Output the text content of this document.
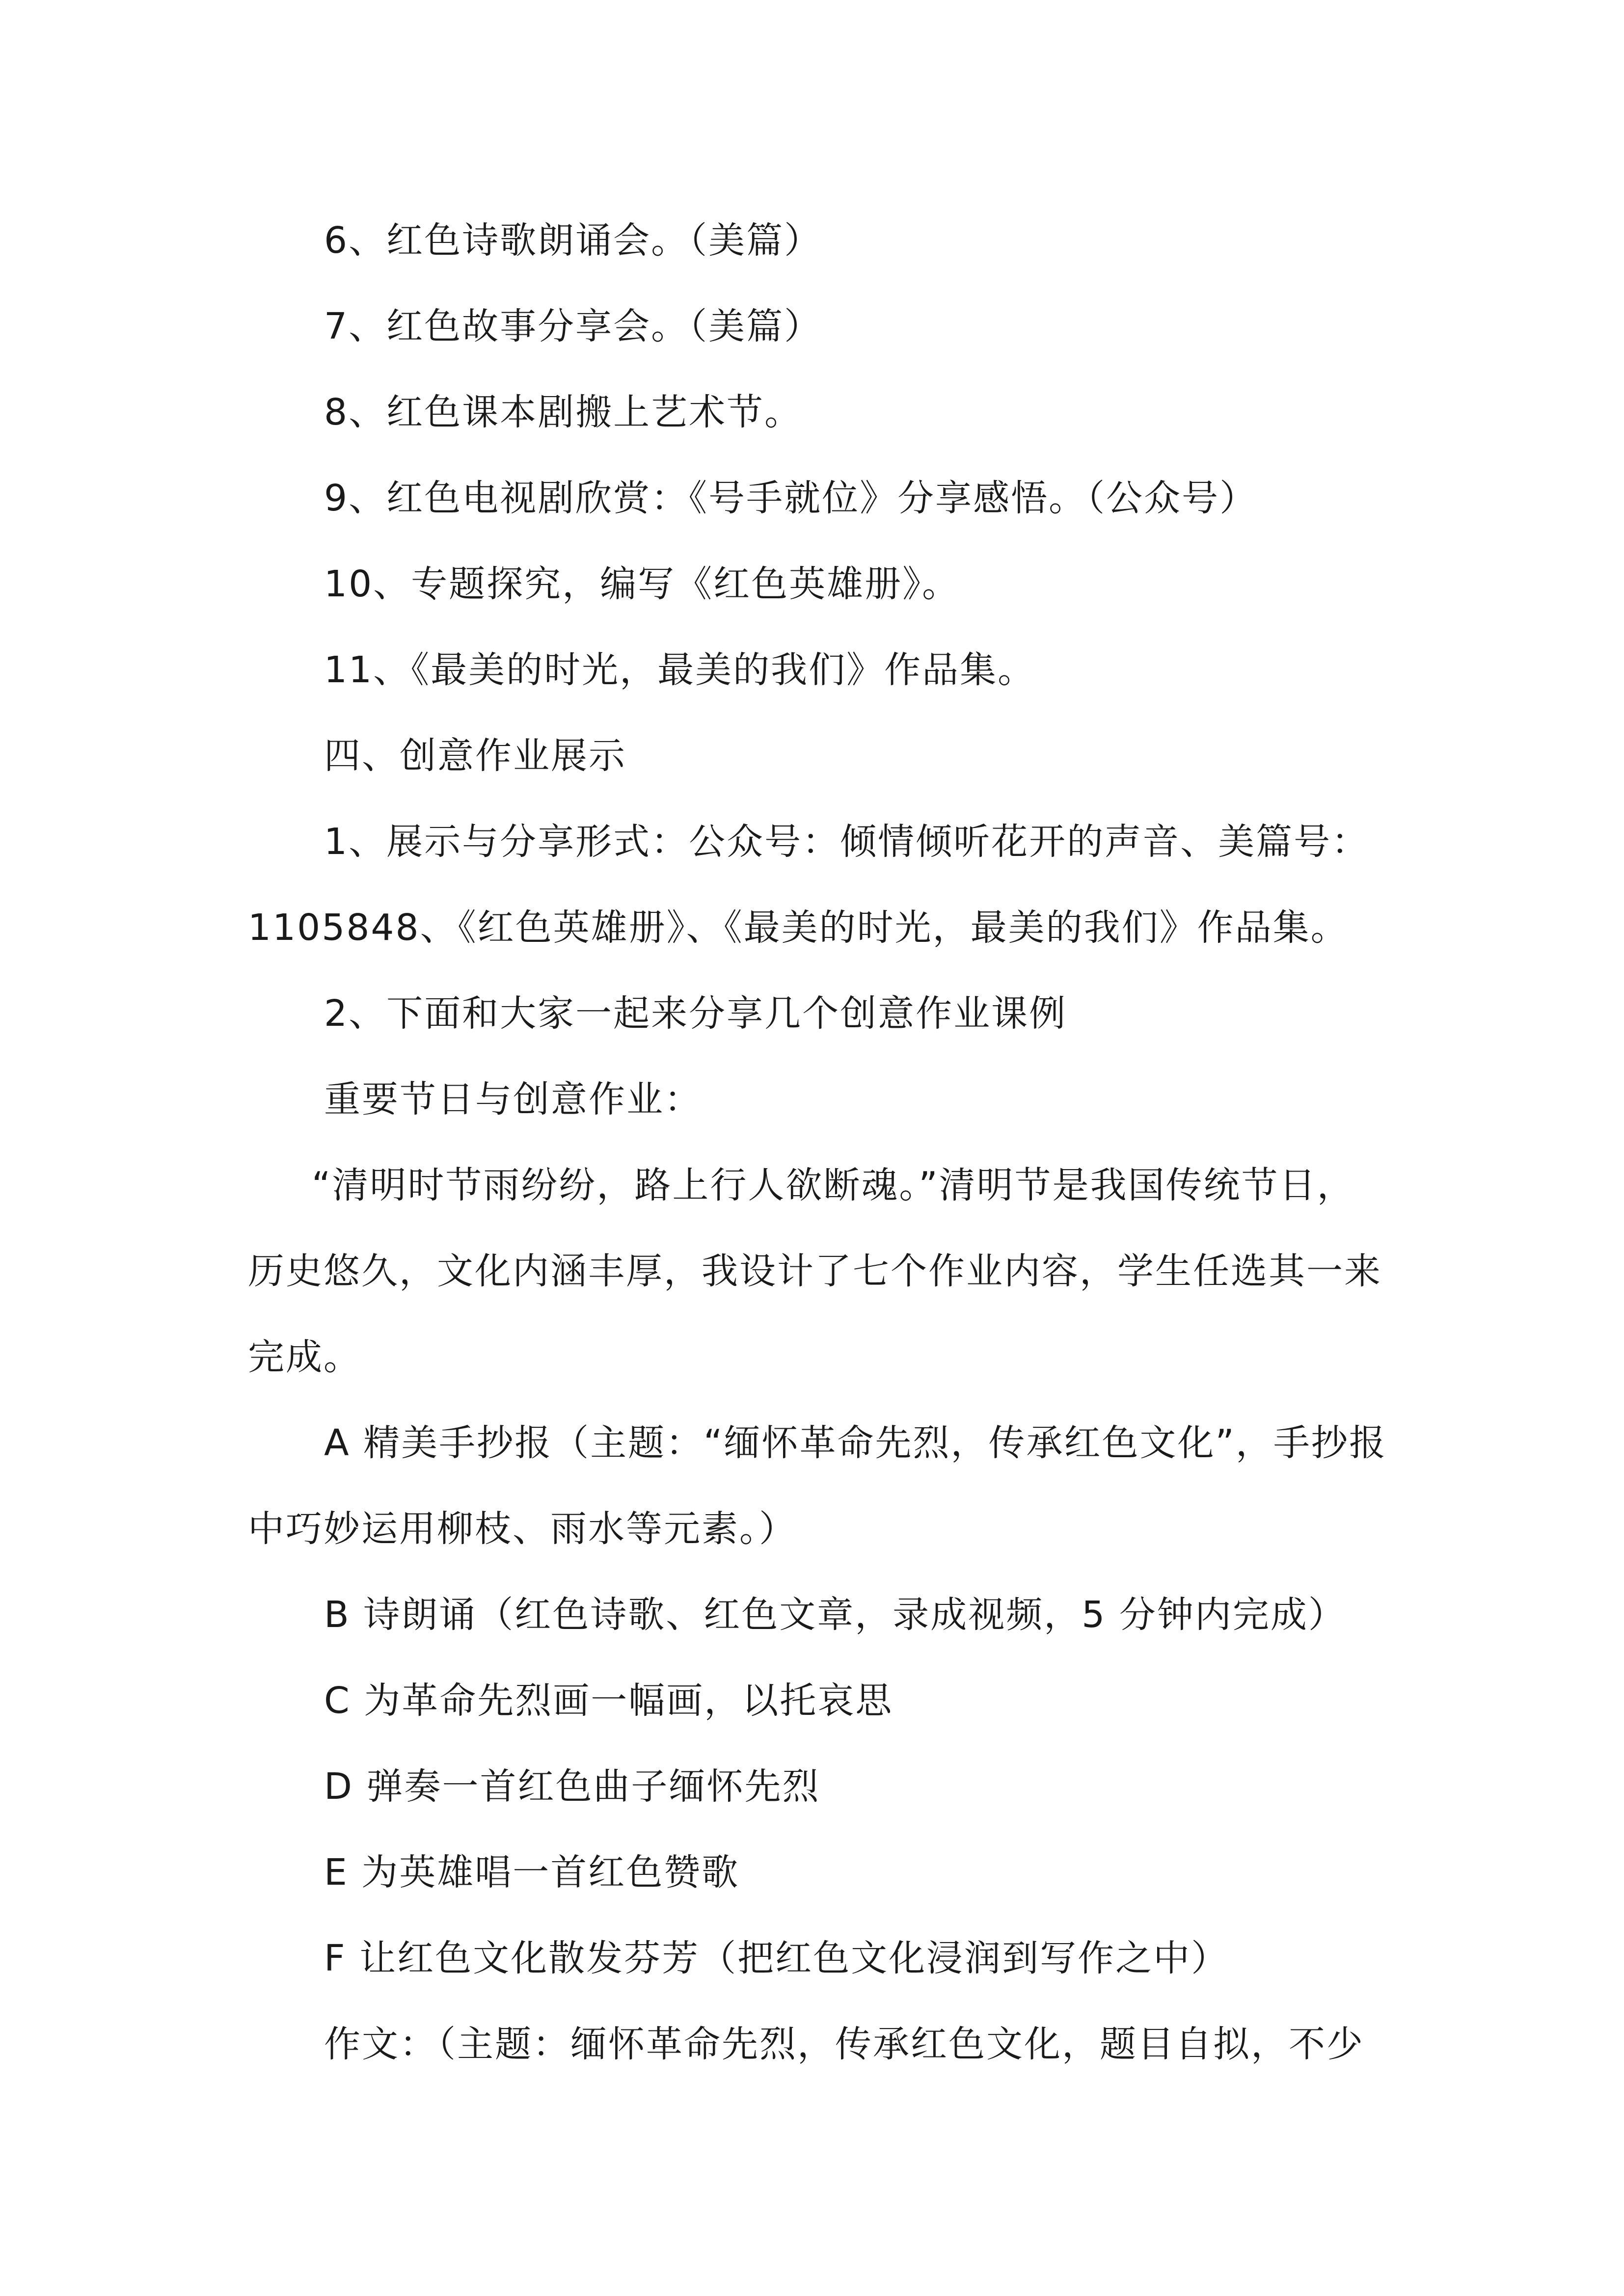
6、红色诗歌朗诵会。（美篇）
7、红色故事分享会。（美篇）
8、红色课本剧搬上艺术节。
9、红色电视剧欣赏：《号手就位》分享感悟。（公众号）
10、专题探究，编写《红色英雄册》。
11、《最美的时光，最美的我们》作品集。
四、创意作业展示
1、展示与分享形式：公众号：倾情倾听花开的声音、美篇号：
1105848、《红色英雄册》、《最美的时光，最美的我们》作品集。
2、下面和大家一起来分享几个创意作业课例
重要节日与创意作业：
“清明时节雨纷纷，路上行人欲断魂。”清明节是我国传统节日，
历史悠久，文化内涵丰厚，我设计了七个作业内容，学生任选其一来
完成。
A 精美手抄报（主题：“缅怀革命先烈，传承红色文化”，手抄报
中巧妙运用柳枝、雨水等元素。）
B 诗朗诵（红色诗歌、红色文章，录成视频，5 分钟内完成）
C 为革命先烈画一幅画，以托哀思
D 弹奏一首红色曲子缅怀先烈
E 为英雄唱一首红色赞歌
F 让红色文化散发芬芳（把红色文化浸润到写作之中）
作文：（主题：缅怀革命先烈，传承红色文化，题目自拟，不少
